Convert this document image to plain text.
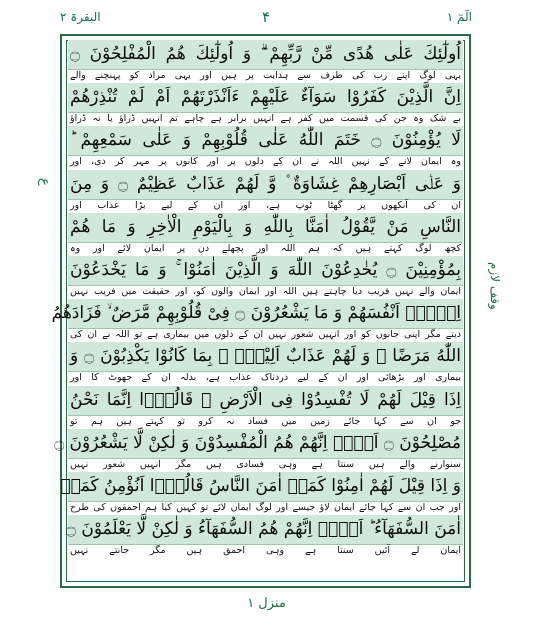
البقرۃ ۲	۴	الٓمٓ ۱
اُولٰٓئِكَ عَلٰی هُدًی مِّنْ رَّبِّهِمْ ۗ وَ اُولٰٓئِكَ هُمُ الْمُفْلِحُوْنَ ۝
یہی لوگ اپنے رب کی طرف سے ہدایت پر ہیں اور یہی مراد کو پہنچنے والے
اِنَّ الَّذِیْنَ كَفَرُوْا سَوَآءٌ عَلَیْهِمْ ءَاَنْذَرْتَهُمْ اَمْ لَمْ تُنْذِرْهُمْ
بے شک وہ جن کی قسمت میں کفر ہے انہیں برابر ہے چاہے تم انہیں ڈراؤ یا نہ ڈراؤ
لَا یُؤْمِنُوْنَ ۝ خَتَمَ اللّٰهُ عَلٰی قُلُوْبِهِمْ وَ عَلٰی سَمْعِهِمْ ؕ
وہ ایمان لانے کے نہیں اللہ نے ان کے دلوں پر اور کانوں پر مہر کر دی، اور
وَ عَلٰۤی اَبْصَارِهِمْ غِشَاوَةٌ ۫ وَّ لَهُمْ عَذَابٌ عَظِیْمٌ ۝ وَ مِنَ
ان کی آنکھوں پر گھٹا ٹوپ ہے، اور ان کے لیے بڑا عذاب اور
النَّاسِ مَنْ یَّقُوْلُ اٰمَنَّا بِاللّٰهِ وَ بِالْیَوْمِ الْاٰخِرِ وَ مَا هُمْ
کچھ لوگ کہتے ہیں کہ ہم اللہ اور پچھلے دن پر ایمان لائے اور وہ
بِمُؤْمِنِیْنَ ۝ یُخٰدِعُوْنَ اللّٰهَ وَ الَّذِیْنَ اٰمَنُوْا ۚ وَ مَا یَخْدَعُوْنَ
ایمان والے نہیں فریب دیا چاہتے ہیں اللہ اور ایمان والوں کو، اور حقیقت میں فریب نہیں
اِلَّاۤ اَنْفُسَهُمْ وَ مَا یَشْعُرُوْنَ ۝ فِیْ قُلُوْبِهِمْ مَّرَضٌ ۙ فَزَادَهُمُ
دیتے مگر اپنی جانوں کو اور انہیں شعور نہیں ان کے دلوں میں بیماری ہے تو اللہ نے ان کی
اللّٰهُ مَرَضًا ۚ وَ لَهُمْ عَذَابٌ اَلِیْمٌۢ ۙ بِمَا كَانُوْا یَكْذِبُوْنَ ۝ وَ
بیماری اور بڑھائی اور ان کے لیے دردناک عذاب ہے، بدلہ ان کے جھوٹ کا اور
اِذَا قِیْلَ لَهُمْ لَا تُفْسِدُوْا فِی الْاَرْضِ ۙ قَالُوْۤا اِنَّمَا نَحْنُ
جو ان سے کہا جائے زمین میں فساد نہ کرو تو کہتے ہیں ہم تو
مُصْلِحُوْنَ ۝ اَلَاۤ اِنَّهُمْ هُمُ الْمُفْسِدُوْنَ وَ لٰكِنْ لَّا یَشْعُرُوْنَ ۝
سنوارنے والے ہیں سنتا ہے وہی فسادی ہیں مگر انہیں شعور نہیں
وَ اِذَا قِیْلَ لَهُمْ اٰمِنُوْا كَمَاۤ اٰمَنَ النَّاسُ قَالُوْۤا اَنُؤْمِنُ كَمَاۤ
اور جب ان سے کہا جائے ایمان لاؤ جیسے اور لوگ ایمان لائے تو کہیں کیا ہم احمقوں کی طرح
اٰمَنَ السُّفَهَآءُ ؕ اَلَاۤ اِنَّهُمْ هُمُ السُّفَهَآءُ وَ لٰكِنْ لَّا یَعْلَمُوْنَ ۝
ایمان لے آئیں سنتا ہے وہی احمق ہیں مگر جانتے نہیں
ع
وقف لازم
منزل ۱
